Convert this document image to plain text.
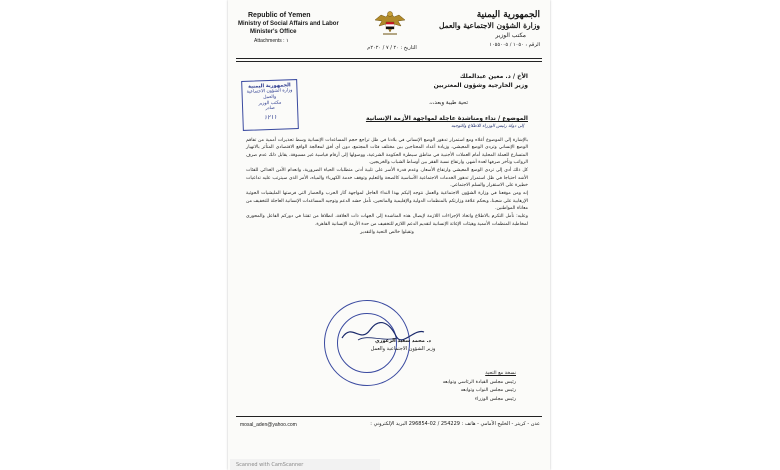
Republic of Yemen
Ministry of Social Affairs and Labor
Minister's Office
Attachments : ١
التاريخ : ٢٠ / ٧ / ٢٠٢٠م
الجمهورية اليمنية
وزارة الشؤون الاجتماعية والعمل
مكتب الوزير
الرقم : ١٠٥٠ / ١٠٥٥٠٠٥
الجمهورية اليمنية
وزارة الشؤون الاجتماعية والعمل
مكتب الوزير
صادر
١٢١١
الأخ / د. معين عبدالملك
وزير الخارجية وشؤون المغتربين
تحية طيبة وبعد،،،
الموضوع / نداء ومناشدة عاجلة لمواجهة الأزمة الإنسانية
إلى دولة رئيس الوزراء للاطلاع والتوجيه

بالإشارة إلى الموضوع أعلاه ومع استمرار تدهور الوضع الإنساني في بلادنا في ظل تراجع حجم المساعدات الإنسانية وسط تحذيرات أممية من تفاقم الوضع الإنساني وتردي الوضع المعيشي، وزيادة أعداد المحتاجين بين مختلف فئات المجتمع، دون أي أفق لمعالجة الواقع الاقتصادي المتأثر بالانهيار المتسارع للعملة المحلية أمام العملات الأجنبية في مناطق سيطرة الحكومة الشرعية، ووصولها إلى أرقام قياسية غير مسبوقة، يقابل ذلك عدم صرف الرواتب وتأخر صرفها لعدة أشهر، وارتفاع نسبة الفقر بين أوساط الشباب والخريجين.

كل ذلك أدى إلى تردي الوضع المعيشي وارتفاع الأسعار، وعدم قدرة الأسر على تلبية أدنى متطلبات الحياة الضرورية، وانعدام الأمن الغذائي للفئات الأشد احتياجا في ظل استمرار تدهور الخدمات الاجتماعية الأساسية كالصحة والتعليم وتوقف خدمة الكهرباء والمياه، الأمر الذي سيترتب عليه تداعيات خطيرة على الاستقرار والسلم الاجتماعي.

إنه ومن موقعنا في وزارة الشؤون الاجتماعية والعمل نتوجه إليكم بهذا النداء العاجل لمواجهة آثار الحرب والحصار التي فرضتها المليشيات الحوثية الإرهابية على شعبنا، وبحكم علاقة وزارتكم بالمنظمات الدولية والإقليمية والمانحين، نأمل حشد الدعم وتوجيه المساعدات الإنسانية العاجلة للتخفيف من معاناة المواطنين.

وعليه: نأمل التكرم بالاطلاع واتخاذ الإجراءات اللازمة لإيصال هذه المناشدة إلى الجهات ذات العلاقة، انطلاقا من ثقتنا في دوركم الفاعل والمحوري لمخاطبة المنظمات الأممية وهيئات الإغاثة الإنسانية لتقديم الدعم اللازم للتخفيف من حدة الأزمة الإنسانية القاهرة.

وتقبلوا خالص التحية والتقدير

د. محمد سعيد الزعوري
وزير الشؤون الاجتماعية والعمل
نسخة مع التحية
رئيس مجلس القيادة الرئاسي وتوابعه
رئيس مجلس النواب وتوابعه
رئيس مجلس الوزراء
mosal_aden@yahoo.com	عدن - كريتر - الخليج الأمامي - هاتف : 254229 / 02-296854 البريد الإلكتروني :
Scanned with CamScanner
